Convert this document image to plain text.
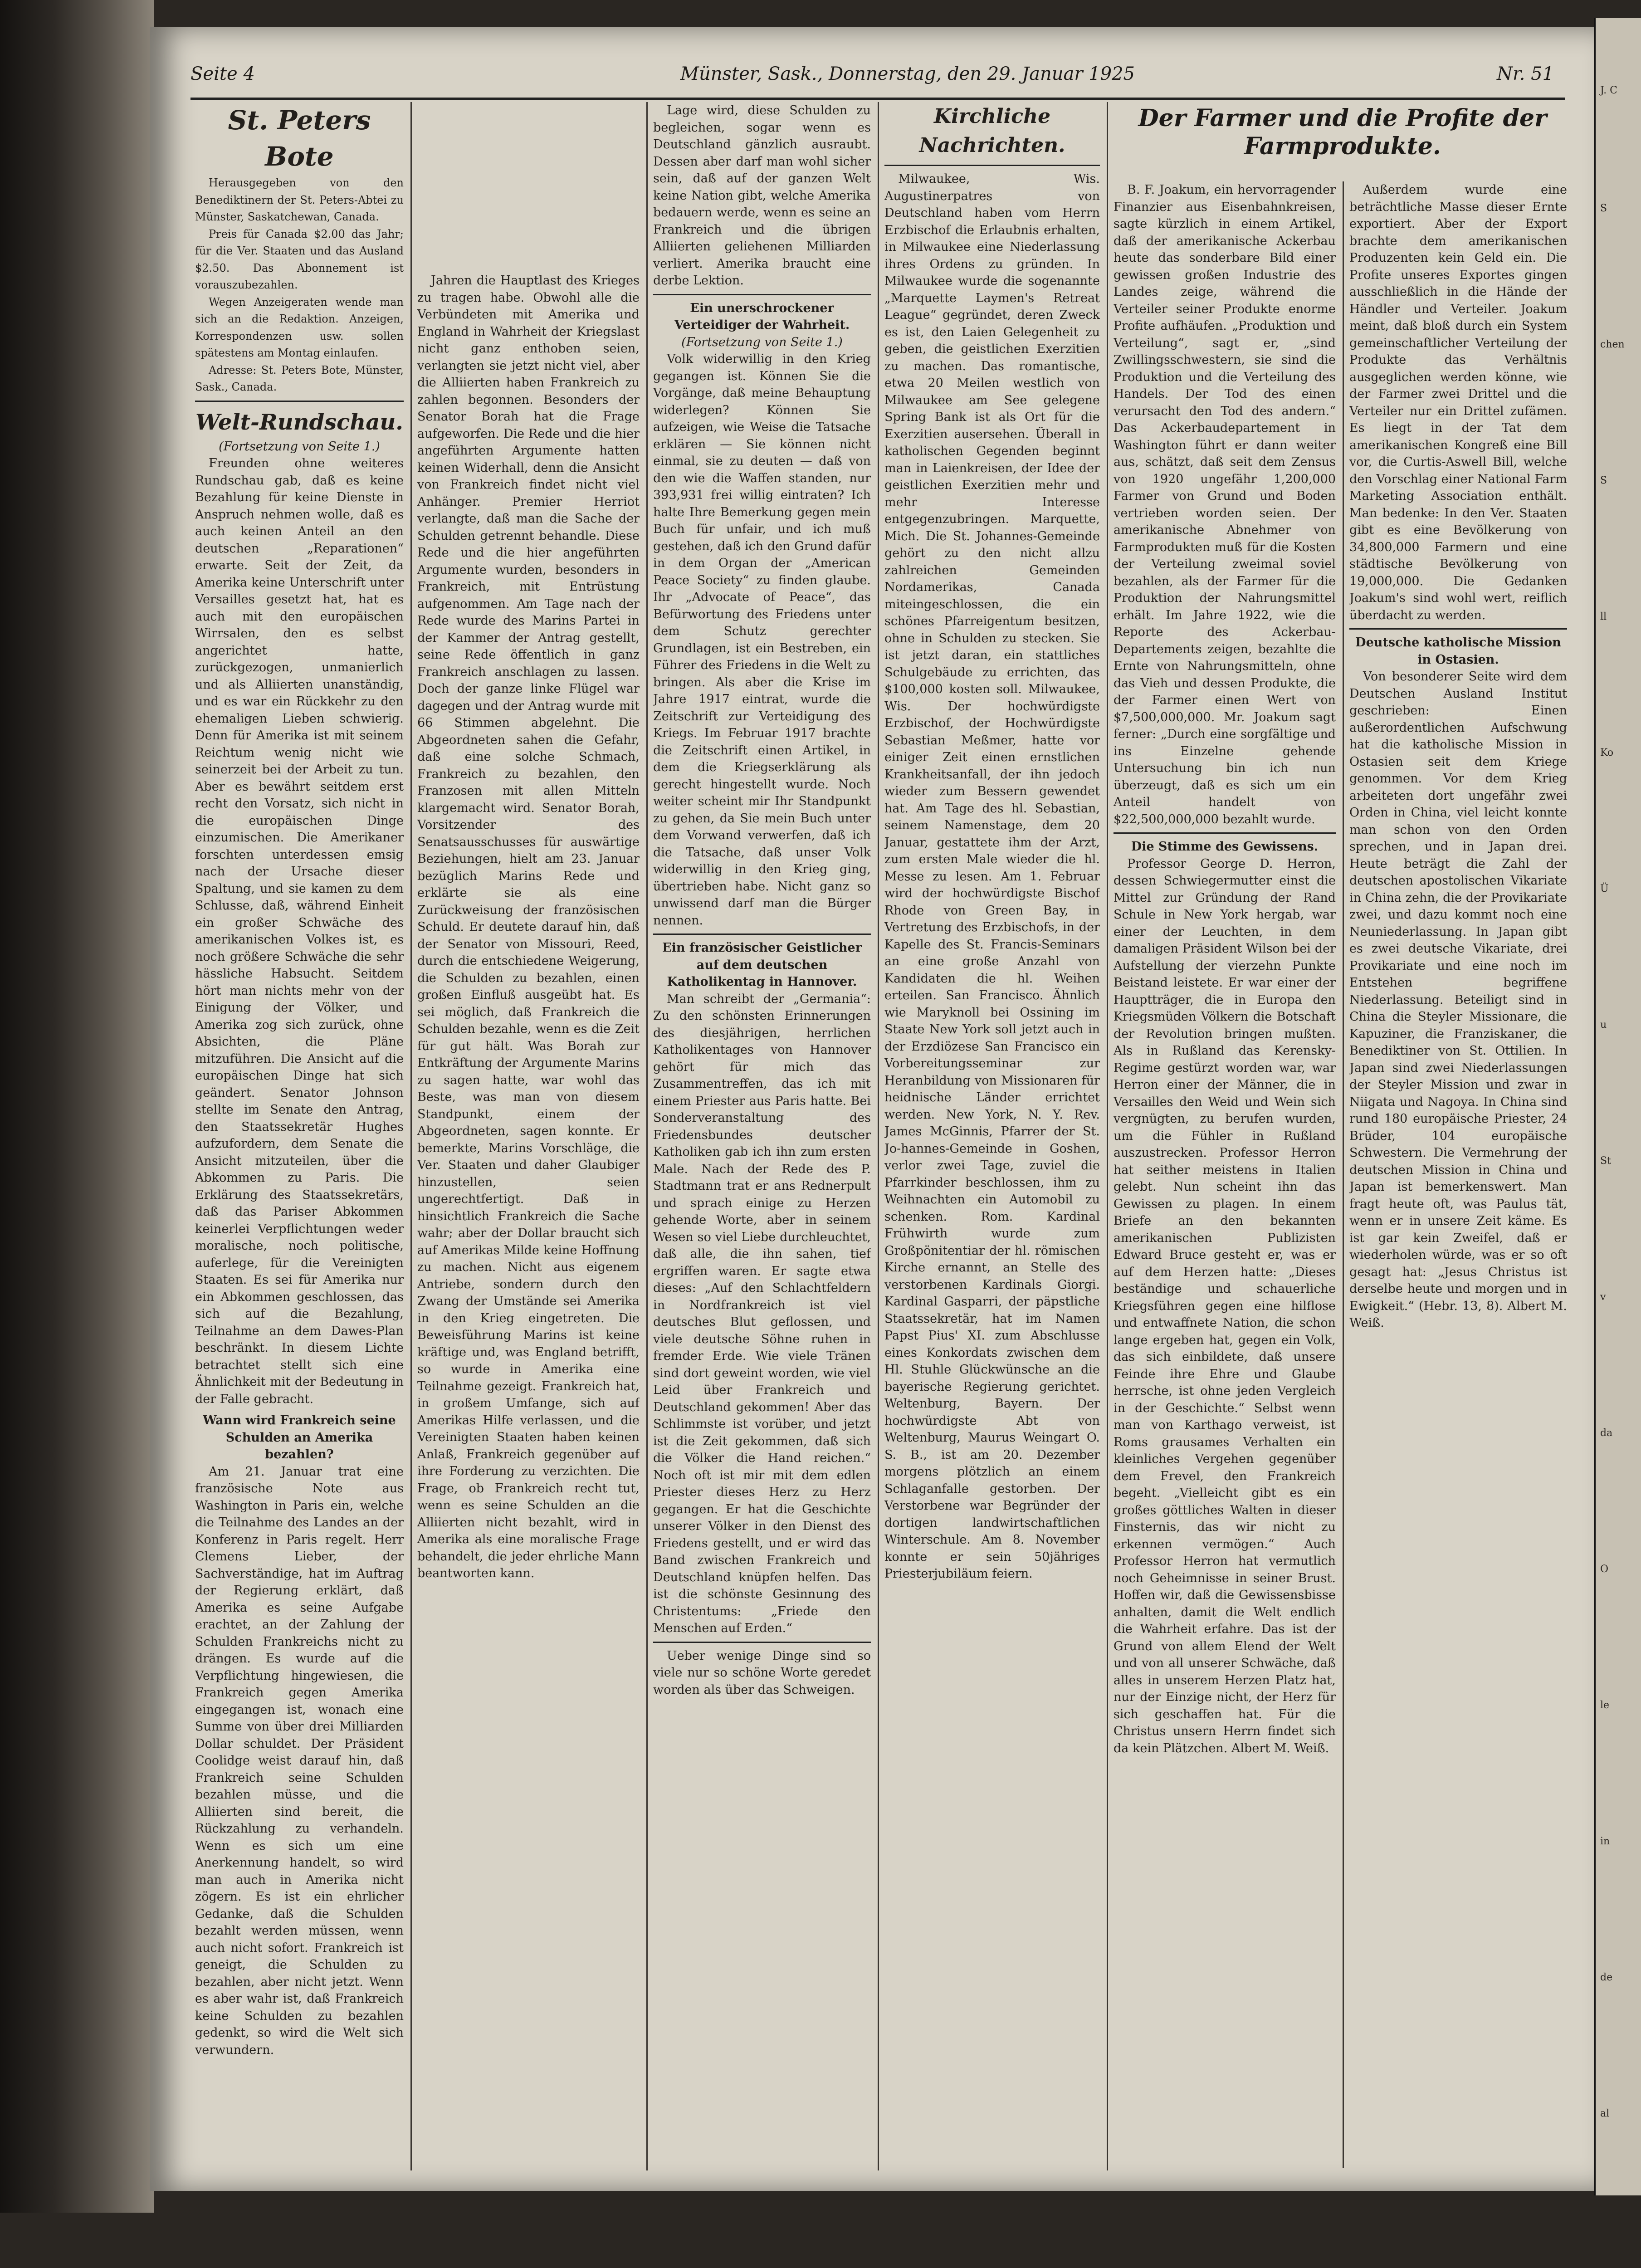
J. C
S
chen
S
ll
Ko
Ü
u
St
v
da
O
le
in
de
al
Seite 4	Münster, Sask., Donnerstag, den 29. Januar 1925	Nr. 51
St. Peters Bote

Herausgegeben von den Benediktinern der St. Peters-Abtei zu Münster, Saskatchewan, Canada.

Preis für Canada $2.00 das Jahr; für die Ver. Staaten und das Ausland $2.50. Das Abonnement ist vorauszubezahlen.

Wegen Anzeigeraten wende man sich an die Redaktion. Anzeigen, Korrespondenzen usw. sollen spätestens am Montag einlaufen.

Adresse: St. Peters Bote, Münster, Sask., Canada.

Welt-Rundschau.
(Fortsetzung von Seite 1.)

Freunden ohne weiteres Rundschau gab, daß es keine Bezahlung für keine Dienste in Anspruch nehmen wolle, daß es auch keinen Anteil an den deutschen „Reparationen“ erwarte. Seit der Zeit, da Amerika keine Unterschrift unter Versailles gesetzt hat, hat es auch mit den europäischen Wirrsalen, den es selbst angerichtet hatte, zurückgezogen, unmanierlich und als Alliierten unanständig, und es war ein Rückkehr zu den ehemaligen Lieben schwierig. Denn für Amerika ist mit seinem Reichtum wenig nicht wie seinerzeit bei der Arbeit zu tun. Aber es bewährt seitdem erst recht den Vorsatz, sich nicht in die europäischen Dinge einzumischen. Die Amerikaner forschten unterdessen emsig nach der Ursache dieser Spaltung, und sie kamen zu dem Schlusse, daß, während Einheit ein großer Schwäche des amerikanischen Volkes ist, es noch größere Schwäche die sehr hässliche Habsucht. Seitdem hört man nichts mehr von der Einigung der Völker, und Amerika zog sich zurück, ohne Absichten, die Pläne mitzuführen. Die Ansicht auf die europäischen Dinge hat sich geändert. Senator Johnson stellte im Senate den Antrag, den Staatssekretär Hughes aufzufordern, dem Senate die Ansicht mitzuteilen, über die Abkommen zu Paris. Die Erklärung des Staatssekretärs, daß das Pariser Abkommen keinerlei Verpflichtungen weder moralische, noch politische, auferlege, für die Vereinigten Staaten. Es sei für Amerika nur ein Abkommen geschlossen, das sich auf die Bezahlung, Teilnahme an dem Dawes-Plan beschränkt. In diesem Lichte betrachtet stellt sich eine Ähnlichkeit mit der Bedeutung in der Falle gebracht.

Wann wird Frankreich seine Schulden an Amerika bezahlen?

Am 21. Januar trat eine französische Note aus Washington in Paris ein, welche die Teilnahme des Landes an der Konferenz in Paris regelt. Herr Clemens Lieber, der Sachverständige, hat im Auftrag der Regierung erklärt, daß Amerika es seine Aufgabe erachtet, an der Zahlung der Schulden Frankreichs nicht zu drängen. Es wurde auf die Verpflichtung hingewiesen, die Frankreich gegen Amerika eingegangen ist, wonach eine Summe von über drei Milliarden Dollar schuldet. Der Präsident Coolidge weist darauf hin, daß Frankreich seine Schulden bezahlen müsse, und die Alliierten sind bereit, die Rückzahlung zu verhandeln. Wenn es sich um eine Anerkennung handelt, so wird man auch in Amerika nicht zögern. Es ist ein ehrlicher Gedanke, daß die Schulden bezahlt werden müssen, wenn auch nicht sofort. Frankreich ist geneigt, die Schulden zu bezahlen, aber nicht jetzt. Wenn es aber wahr ist, daß Frankreich keine Schulden zu bezahlen gedenkt, so wird die Welt sich verwundern.

Jahren die Hauptlast des Krieges zu tragen habe. Obwohl alle die Verbündeten mit Amerika und England in Wahrheit der Kriegslast nicht ganz enthoben seien, verlangten sie jetzt nicht viel, aber die Alliierten haben Frankreich zu zahlen begonnen. Besonders der Senator Borah hat die Frage aufgeworfen. Die Rede und die hier angeführten Argumente hatten keinen Widerhall, denn die Ansicht von Frankreich findet nicht viel Anhänger. Premier Herriot verlangte, daß man die Sache der Schulden getrennt behandle. Diese Rede und die hier angeführten Argumente wurden, besonders in Frankreich, mit Entrüstung aufgenommen. Am Tage nach der Rede wurde des Marins Partei in der Kammer der Antrag gestellt, seine Rede öffentlich in ganz Frankreich anschlagen zu lassen. Doch der ganze linke Flügel war dagegen und der Antrag wurde mit 66 Stimmen abgelehnt. Die Abgeordneten sahen die Gefahr, daß eine solche Schmach, Frankreich zu bezahlen, den Franzosen mit allen Mitteln klargemacht wird. Senator Borah, Vorsitzender des Senatsausschusses für auswärtige Beziehungen, hielt am 23. Januar bezüglich Marins Rede und erklärte sie als eine Zurückweisung der französischen Schuld. Er deutete darauf hin, daß der Senator von Missouri, Reed, durch die entschiedene Weigerung, die Schulden zu bezahlen, einen großen Einfluß ausgeübt hat. Es sei möglich, daß Frankreich die Schulden bezahle, wenn es die Zeit für gut hält. Was Borah zur Entkräftung der Argumente Marins zu sagen hatte, war wohl das Beste, was man von diesem Standpunkt, einem der Abgeordneten, sagen konnte. Er bemerkte, Marins Vorschläge, die Ver. Staaten und daher Glaubiger hinzustellen, seien ungerechtfertigt. Daß in hinsichtlich Frankreich die Sache wahr; aber der Dollar braucht sich auf Amerikas Milde keine Hoffnung zu machen. Nicht aus eigenem Antriebe, sondern durch den Zwang der Umstände sei Amerika in den Krieg eingetreten. Die Beweisführung Marins ist keine kräftige und, was England betrifft, so wurde in Amerika eine Teilnahme gezeigt. Frankreich hat, in großem Umfange, sich auf Amerikas Hilfe verlassen, und die Vereinigten Staaten haben keinen Anlaß, Frankreich gegenüber auf ihre Forderung zu verzichten. Die Frage, ob Frankreich recht tut, wenn es seine Schulden an die Alliierten nicht bezahlt, wird in Amerika als eine moralische Frage behandelt, die jeder ehrliche Mann beantworten kann.

Lage wird, diese Schulden zu begleichen, sogar wenn es Deutschland gänzlich ausraubt. Dessen aber darf man wohl sicher sein, daß auf der ganzen Welt keine Nation gibt, welche Amerika bedauern werde, wenn es seine an Frankreich und die übrigen Alliierten geliehenen Milliarden verliert. Amerika braucht eine derbe Lektion.

Ein unerschrockener Verteidiger der Wahrheit.
(Fortsetzung von Seite 1.)

Volk widerwillig in den Krieg gegangen ist. Können Sie die Vorgänge, daß meine Behauptung widerlegen? Können Sie aufzeigen, wie Weise die Tatsache erklären — Sie können nicht einmal, sie zu deuten — daß von den wie die Waffen standen, nur 393,931 frei willig eintraten? Ich halte Ihre Bemerkung gegen mein Buch für unfair, und ich muß gestehen, daß ich den Grund dafür in dem Organ der „American Peace Society“ zu finden glaube. Ihr „Advocate of Peace“, das Befürwortung des Friedens unter dem Schutz gerechter Grundlagen, ist ein Bestreben, ein Führer des Friedens in die Welt zu bringen. Als aber die Krise im Jahre 1917 eintrat, wurde die Zeitschrift zur Verteidigung des Kriegs. Im Februar 1917 brachte die Zeitschrift einen Artikel, in dem die Kriegserklärung als gerecht hingestellt wurde. Noch weiter scheint mir Ihr Standpunkt zu gehen, da Sie mein Buch unter dem Vorwand verwerfen, daß ich die Tatsache, daß unser Volk widerwillig in den Krieg ging, übertrieben habe. Nicht ganz so unwissend darf man die Bürger nennen.

Ein französischer Geistlicher auf dem deutschen Katholikentag in Hannover.

Man schreibt der „Germania“: Zu den schönsten Erinnerungen des diesjährigen, herrlichen Katholikentages von Hannover gehört für mich das Zusammentreffen, das ich mit einem Priester aus Paris hatte. Bei Sonderveranstaltung des Friedensbundes deutscher Katholiken gab ich ihn zum ersten Male. Nach der Rede des P. Stadtmann trat er ans Rednerpult und sprach einige zu Herzen gehende Worte, aber in seinem Wesen so viel Liebe durchleuchtet, daß alle, die ihn sahen, tief ergriffen waren. Er sagte etwa dieses: „Auf den Schlachtfeldern in Nordfrankreich ist viel deutsches Blut geflossen, und viele deutsche Söhne ruhen in fremder Erde. Wie viele Tränen sind dort geweint worden, wie viel Leid über Frankreich und Deutschland gekommen! Aber das Schlimmste ist vorüber, und jetzt ist die Zeit gekommen, daß sich die Völker die Hand reichen.“ Noch oft ist mir mit dem edlen Priester dieses Herz zu Herz gegangen. Er hat die Geschichte unserer Völker in den Dienst des Friedens gestellt, und er wird das Band zwischen Frankreich und Deutschland knüpfen helfen. Das ist die schönste Gesinnung des Christentums: „Friede den Menschen auf Erden.“

Ueber wenige Dinge sind so viele nur so schöne Worte geredet worden als über das Schweigen.

Kirchliche Nachrichten.

Milwaukee, Wis. Augustinerpatres von Deutschland haben vom Herrn Erzbischof die Erlaubnis erhalten, in Milwaukee eine Niederlassung ihres Ordens zu gründen. In Milwaukee wurde die sogenannte „Marquette Laymen's Retreat League“ gegründet, deren Zweck es ist, den Laien Gelegenheit zu geben, die geistlichen Exerzitien zu machen. Das romantische, etwa 20 Meilen westlich von Milwaukee am See gelegene Spring Bank ist als Ort für die Exerzitien ausersehen. Überall in katholischen Gegenden beginnt man in Laienkreisen, der Idee der geistlichen Exerzitien mehr und mehr Interesse entgegenzubringen. Marquette, Mich. Die St. Johannes-Gemeinde gehört zu den nicht allzu zahlreichen Gemeinden Nordamerikas, Canada miteingeschlossen, die ein schönes Pfarreigentum besitzen, ohne in Schulden zu stecken. Sie ist jetzt daran, ein stattliches Schulgebäude zu errichten, das $100,000 kosten soll. Milwaukee, Wis. Der hochwürdigste Erzbischof, der Hochwürdigste Sebastian Meßmer, hatte vor einiger Zeit einen ernstlichen Krankheitsanfall, der ihn jedoch wieder zum Bessern gewendet hat. Am Tage des hl. Sebastian, seinem Namenstage, dem 20 Januar, gestattete ihm der Arzt, zum ersten Male wieder die hl. Messe zu lesen. Am 1. Februar wird der hochwürdigste Bischof Rhode von Green Bay, in Vertretung des Erzbischofs, in der Kapelle des St. Francis-Seminars an eine große Anzahl von Kandidaten die hl. Weihen erteilen. San Francisco. Ähnlich wie Maryknoll bei Ossining im Staate New York soll jetzt auch in der Erzdiözese San Francisco ein Vorbereitungsseminar zur Heranbildung von Missionaren für heidnische Länder errichtet werden. New York, N. Y. Rev. James McGinnis, Pfarrer der St. Jo-hannes-Gemeinde in Goshen, verlor zwei Tage, zuviel die Pfarrkinder beschlossen, ihm zu Weihnachten ein Automobil zu schenken. Rom. Kardinal Frühwirth wurde zum Großpönitentiar der hl. römischen Kirche ernannt, an Stelle des verstorbenen Kardinals Giorgi. Kardinal Gasparri, der päpstliche Staatssekretär, hat im Namen Papst Pius' XI. zum Abschlusse eines Konkordats zwischen dem Hl. Stuhle Glückwünsche an die bayerische Regierung gerichtet. Weltenburg, Bayern. Der hochwürdigste Abt von Weltenburg, Maurus Weingart O. S. B., ist am 20. Dezember morgens plötzlich an einem Schlaganfalle gestorben. Der Verstorbene war Begründer der dortigen landwirtschaftlichen Winterschule. Am 8. November konnte er sein 50jähriges Priesterjubiläum feiern.

Der Farmer und die Profite der Farmprodukte.

B. F. Joakum, ein hervorragender Finanzier aus Eisenbahnkreisen, sagte kürzlich in einem Artikel, daß der amerikanische Ackerbau heute das sonderbare Bild einer gewissen großen Industrie des Landes zeige, während die Verteiler seiner Produkte enorme Profite aufhäufen. „Produktion und Verteilung“, sagt er, „sind Zwillingsschwestern, sie sind die Produktion und die Verteilung des Handels. Der Tod des einen verursacht den Tod des andern.“ Das Ackerbaudepartement in Washington führt er dann weiter aus, schätzt, daß seit dem Zensus von 1920 ungefähr 1,200,000 Farmer von Grund und Boden vertrieben worden seien. Der amerikanische Abnehmer von Farmprodukten muß für die Kosten der Verteilung zweimal soviel bezahlen, als der Farmer für die Produktion der Nahrungsmittel erhält. Im Jahre 1922, wie die Reporte des Ackerbau-Departements zeigen, bezahlte die Ernte von Nahrungsmitteln, ohne das Vieh und dessen Produkte, die der Farmer einen Wert von $7,500,000,000. Mr. Joakum sagt ferner: „Durch eine sorgfältige und ins Einzelne gehende Untersuchung bin ich nun überzeugt, daß es sich um ein Anteil handelt von $22,500,000,000 bezahlt wurde.

Die Stimme des Gewissens.

Professor George D. Herron, dessen Schwiegermutter einst die Mittel zur Gründung der Rand Schule in New York hergab, war einer der Leuchten, in dem damaligen Präsident Wilson bei der Aufstellung der vierzehn Punkte Beistand leistete. Er war einer der Hauptträger, die in Europa den Kriegsmüden Völkern die Botschaft der Revolution bringen mußten. Als in Rußland das Kerensky-Regime gestürzt worden war, war Herron einer der Männer, die in Versailles den Weid und Wein sich vergnügten, zu berufen wurden, um die Fühler in Rußland auszustrecken. Professor Herron hat seither meistens in Italien gelebt. Nun scheint ihn das Gewissen zu plagen. In einem Briefe an den bekannten amerikanischen Publizisten Edward Bruce gesteht er, was er auf dem Herzen hatte: „Dieses beständige und schauerliche Kriegsführen gegen eine hilflose und entwaffnete Nation, die schon lange ergeben hat, gegen ein Volk, das sich einbildete, daß unsere Feinde ihre Ehre und Glaube herrsche, ist ohne jeden Vergleich in der Geschichte.“ Selbst wenn man von Karthago verweist, ist Roms grausames Verhalten ein kleinliches Vergehen gegenüber dem Frevel, den Frankreich begeht. „Vielleicht gibt es ein großes göttliches Walten in dieser Finsternis, das wir nicht zu erkennen vermögen.“ Auch Professor Herron hat vermutlich noch Geheimnisse in seiner Brust. Hoffen wir, daß die Gewissensbisse anhalten, damit die Welt endlich die Wahrheit erfahre. Das ist der Grund von allem Elend der Welt und von all unserer Schwäche, daß alles in unserem Herzen Platz hat, nur der Einzige nicht, der Herz für sich geschaffen hat. Für die Christus unsern Herrn findet sich da kein Plätzchen. Albert M. Weiß.

Außerdem wurde eine beträchtliche Masse dieser Ernte exportiert. Aber der Export brachte dem amerikanischen Produzenten kein Geld ein. Die Profite unseres Exportes gingen ausschließlich in die Hände der Händler und Verteiler. Joakum meint, daß bloß durch ein System gemeinschaftlicher Verteilung der Produkte das Verhältnis ausgeglichen werden könne, wie der Farmer zwei Drittel und die Verteiler nur ein Drittel zufämen. Es liegt in der Tat dem amerikanischen Kongreß eine Bill vor, die Curtis-Aswell Bill, welche den Vorschlag einer National Farm Marketing Association enthält. Man bedenke: In den Ver. Staaten gibt es eine Bevölkerung von 34,800,000 Farmern und eine städtische Bevölkerung von 19,000,000. Die Gedanken Joakum's sind wohl wert, reiflich überdacht zu werden.

Deutsche katholische Mission in Ostasien.

Von besonderer Seite wird dem Deutschen Ausland Institut geschrieben: Einen außerordentlichen Aufschwung hat die katholische Mission in Ostasien seit dem Kriege genommen. Vor dem Krieg arbeiteten dort ungefähr zwei Orden in China, viel leicht konnte man schon von den Orden sprechen, und in Japan drei. Heute beträgt die Zahl der deutschen apostolischen Vikariate in China zehn, die der Provikariate zwei, und dazu kommt noch eine Neuniederlassung. In Japan gibt es zwei deutsche Vikariate, drei Provikariate und eine noch im Entstehen begriffene Niederlassung. Beteiligt sind in China die Steyler Missionare, die Kapuziner, die Franziskaner, die Benediktiner von St. Ottilien. In Japan sind zwei Niederlassungen der Steyler Mission und zwar in Niigata und Nagoya. In China sind rund 180 europäische Priester, 24 Brüder, 104 europäische Schwestern. Die Vermehrung der deutschen Mission in China und Japan ist bemerkenswert. Man fragt heute oft, was Paulus tät, wenn er in unsere Zeit käme. Es ist gar kein Zweifel, daß er wiederholen würde, was er so oft gesagt hat: „Jesus Christus ist derselbe heute und morgen und in Ewigkeit.“ (Hebr. 13, 8). Albert M. Weiß.
